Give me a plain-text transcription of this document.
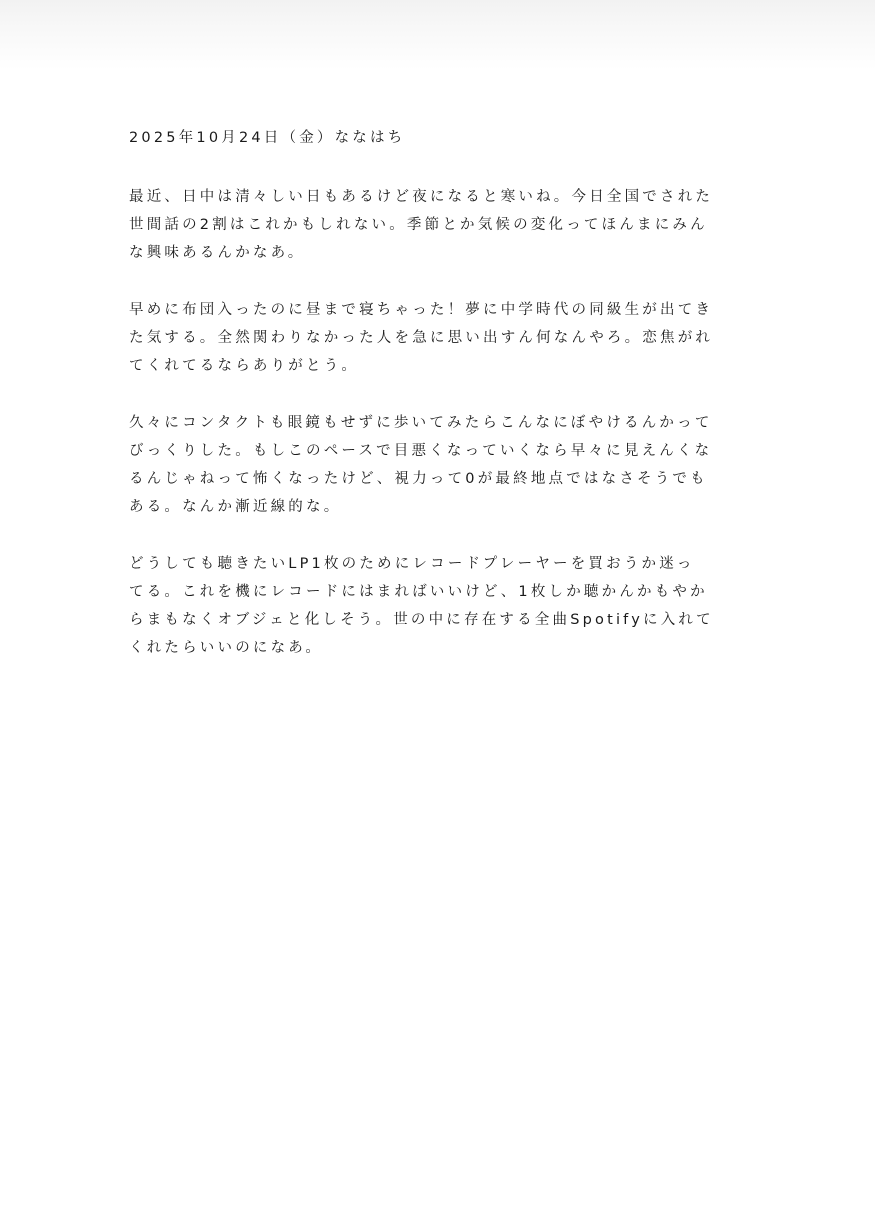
2025年10月24日（金）ななはち

最近、日中は清々しい日もあるけど夜になると寒いね。今日全国でされた
世間話の2割はこれかもしれない。季節とか気候の変化ってほんまにみん
な興味あるんかなあ。

早めに布団入ったのに昼まで寝ちゃった！夢に中学時代の同級生が出てき
た気する。全然関わりなかった人を急に思い出すん何なんやろ。恋焦がれ
てくれてるならありがとう。

久々にコンタクトも眼鏡もせずに歩いてみたらこんなにぼやけるんかって
びっくりした。もしこのペースで目悪くなっていくなら早々に見えんくな
るんじゃねって怖くなったけど、視力って0が最終地点ではなさそうでも
ある。なんか漸近線的な。

どうしても聴きたいLP1枚のためにレコードプレーヤーを買おうか迷っ
てる。これを機にレコードにはまればいいけど、1枚しか聴かんかもやか
らまもなくオブジェと化しそう。世の中に存在する全曲Spotifyに入れて
くれたらいいのになあ。
